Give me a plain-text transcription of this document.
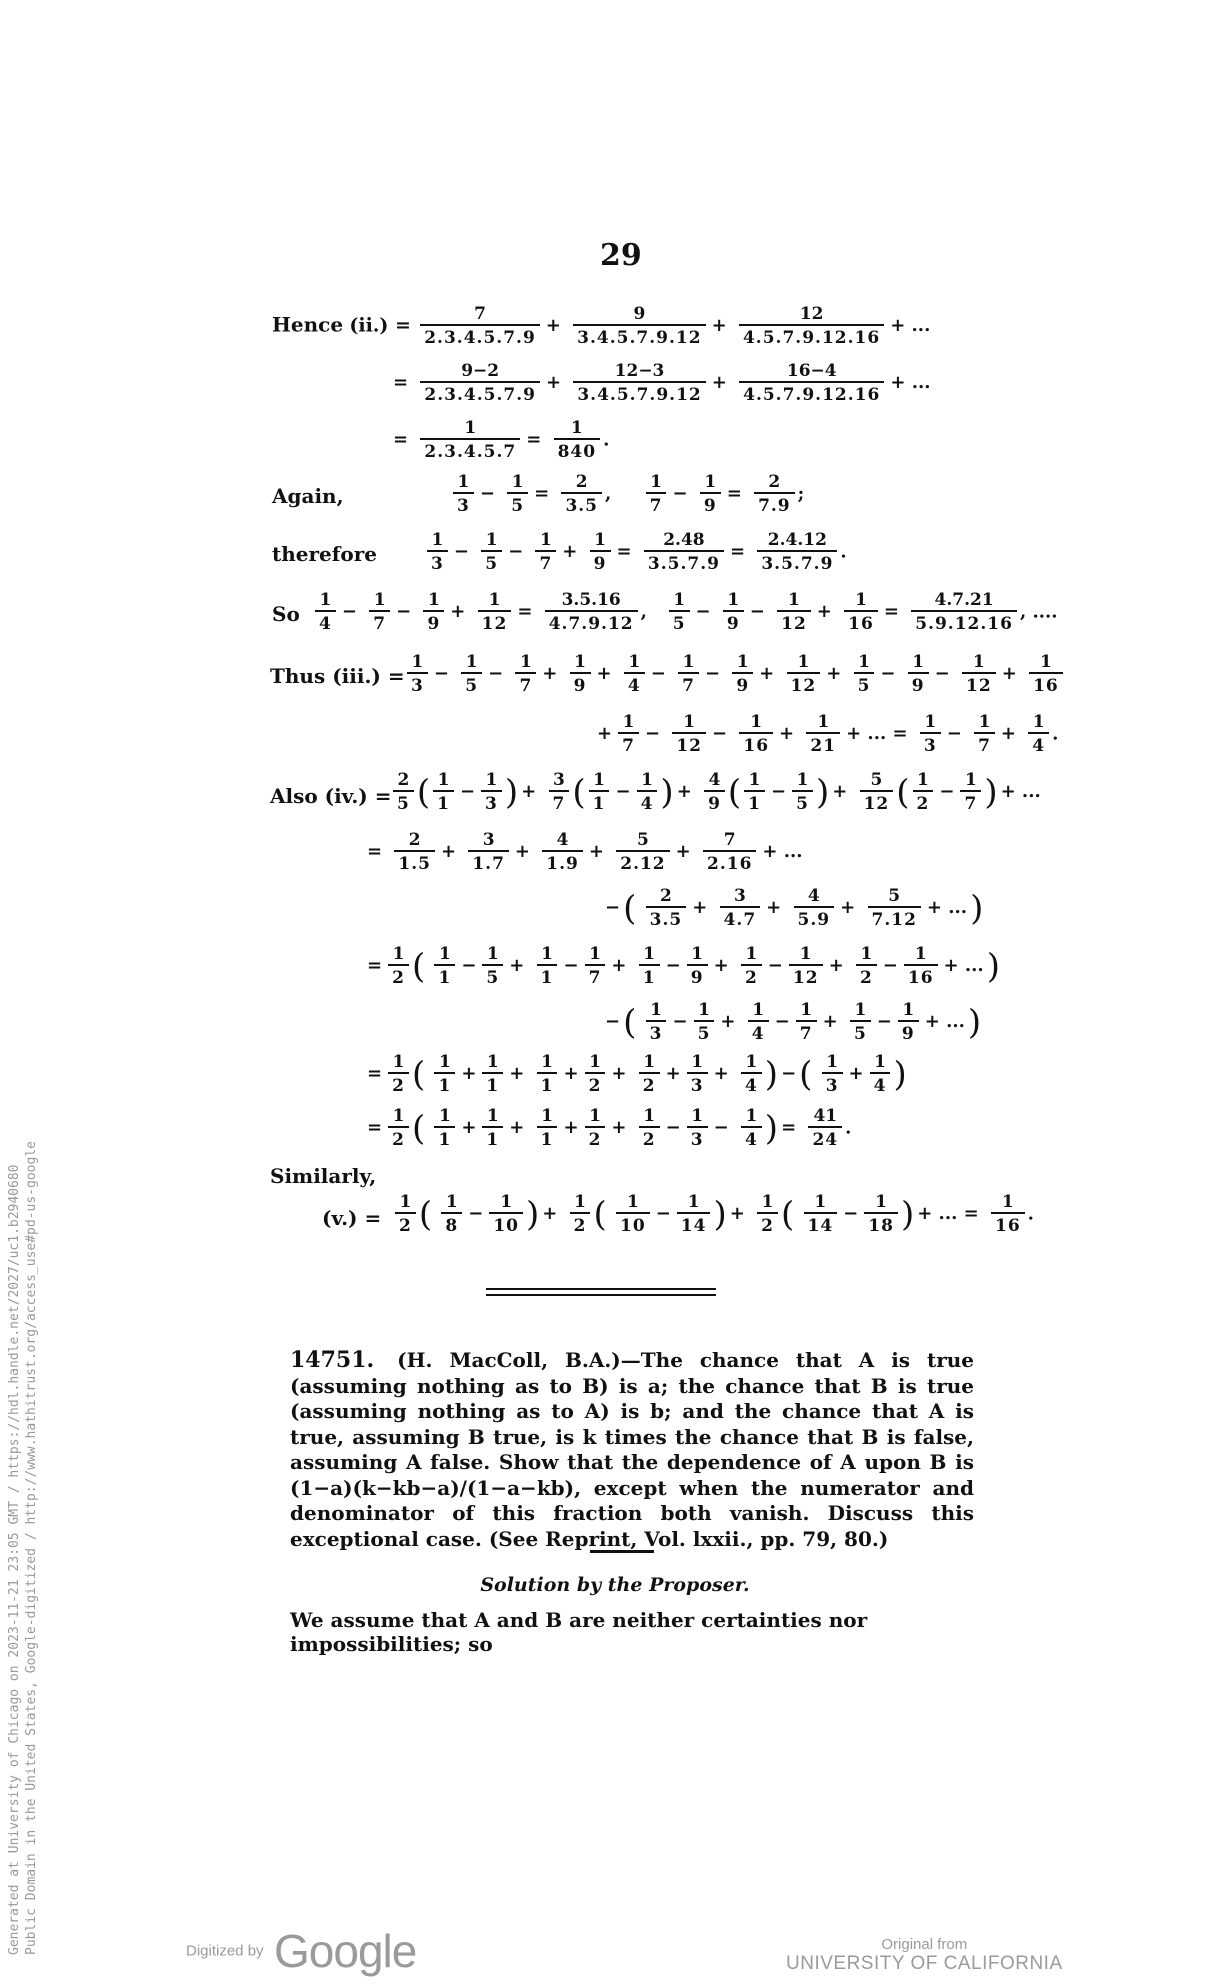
29
Hence $(ii.) = \frac{7}{2.3.4.5.7.9} + \frac{9}{3.4.5.7.9.12} + \frac{12}{4.5.7.9.12.16}$ + ...
= $\frac{9-2}{2.3.4.5.7.9} + \frac{12-3}{3.4.5.7.9.12} + \frac{16-4}{4.5.7.9.12.16}$ + ...
= $\frac{1}{2.3.4.5.7} = \frac{1}{840}$ .
Again,	$\frac{1}{3} - \frac{1}{5} = \frac{2}{3.5}$ , $\frac{1}{7} - \frac{1}{9} = \frac{2}{7.9}$ ;
therefore	$\frac{1}{3} - \frac{1}{5} - \frac{1}{7} + \frac{1}{9} = \frac{2.48}{3.5.7.9} = \frac{2.4.12}{3.5.7.9}$ .
So $\frac{1}{4} - \frac{1}{7} - \frac{1}{9} + \frac{1}{12} = \frac{3.5.16}{4.7.9.12}$ , $\frac{1}{5} - \frac{1}{9} - \frac{1}{12} + \frac{1}{16} = \frac{4.7.21}{5.9.12.16}$ , ....
Thus $(iii.) = \frac{1}{3} - \frac{1}{5} - \frac{1}{7} + \frac{1}{9} + \frac{1}{4} - \frac{1}{7} - \frac{1}{9} + \frac{1}{12} + \frac{1}{5} - \frac{1}{9} - \frac{1}{12} + \frac{1}{16}$
+ $\frac{1}{7} - \frac{1}{12} - \frac{1}{16} + \frac{1}{21}$ + ... = $\frac{1}{3} - \frac{1}{7} + \frac{1}{4}$ .
Also $(iv.) = \frac{2}{5}$ ( $\frac{1}{1} - \frac{1}{3}$ ) + $\frac{3}{7}$ ( $\frac{1}{1} - \frac{1}{4}$ ) + $\frac{4}{9}$ ( $\frac{1}{1} - \frac{1}{5}$ ) + $\frac{5}{12}$ ( $\frac{1}{2} - \frac{1}{7}$ ) + ...
= $\frac{2}{1.5} + \frac{3}{1.7} + \frac{4}{1.9} + \frac{5}{2.12} + \frac{7}{2.16}$ + ...
−( $\frac{2}{3.5} + \frac{3}{4.7} + \frac{4}{5.9} + \frac{5}{7.12}$ + ...)
= $\frac{1}{2}$ ( $\frac{1}{1} - \frac{1}{5} + \frac{1}{1} - \frac{1}{7} + \frac{1}{1} - \frac{1}{9} + \frac{1}{2} - \frac{1}{12} + \frac{1}{2} - \frac{1}{16}$ + ...)
−( $\frac{1}{3} - \frac{1}{5} + \frac{1}{4} - \frac{1}{7} + \frac{1}{5} - \frac{1}{9}$ + ...)
= $\frac{1}{2}$ ( $\frac{1}{1} + \frac{1}{1} + \frac{1}{1} + \frac{1}{2} + \frac{1}{2} + \frac{1}{3} + \frac{1}{4}$ ) −( $\frac{1}{3} + \frac{1}{4}$ )
= $\frac{1}{2}$ ( $\frac{1}{1} + \frac{1}{1} + \frac{1}{1} + \frac{1}{2} + \frac{1}{2} - \frac{1}{3} - \frac{1}{4}$ ) = $\frac{41}{24}$ .
Similarly,
$(v.) = \frac{1}{2}$ ( $\frac{1}{8} - \frac{1}{10}$ ) + $\frac{1}{2}$ ( $\frac{1}{10} - \frac{1}{14}$ ) + $\frac{1}{2}$ ( $\frac{1}{14} - \frac{1}{18}$ ) + ... = $\frac{1}{16}$ .
14751. (H. MacColl, B.A.)—The chance that A is true (assuming nothing as to B) is a; the chance that B is true (assuming nothing as to A) is b; and the chance that A is true, assuming B true, is k times the chance that B is false, assuming A false. Show that the dependence of A upon B is (1−a)(k−kb−a)/(1−a−kb), except when the numerator and denominator of this fraction both vanish. Discuss this exceptional case. (See Reprint, Vol. lxxii., pp. 79, 80.)
Solution by the Proposer.
We assume that A and B are neither certainties nor impossibilities; so
Generated at University of Chicago on 2023-11-21 23:05 GMT / https://hdl.handle.net/2027/uc1.b2940680 Public Domain in the United States, Google-digitized / http://www.hathitrust.org/access_use#pd-us-google	Digitized by Google	Original from
UNIVERSITY OF CALIFORNIA
